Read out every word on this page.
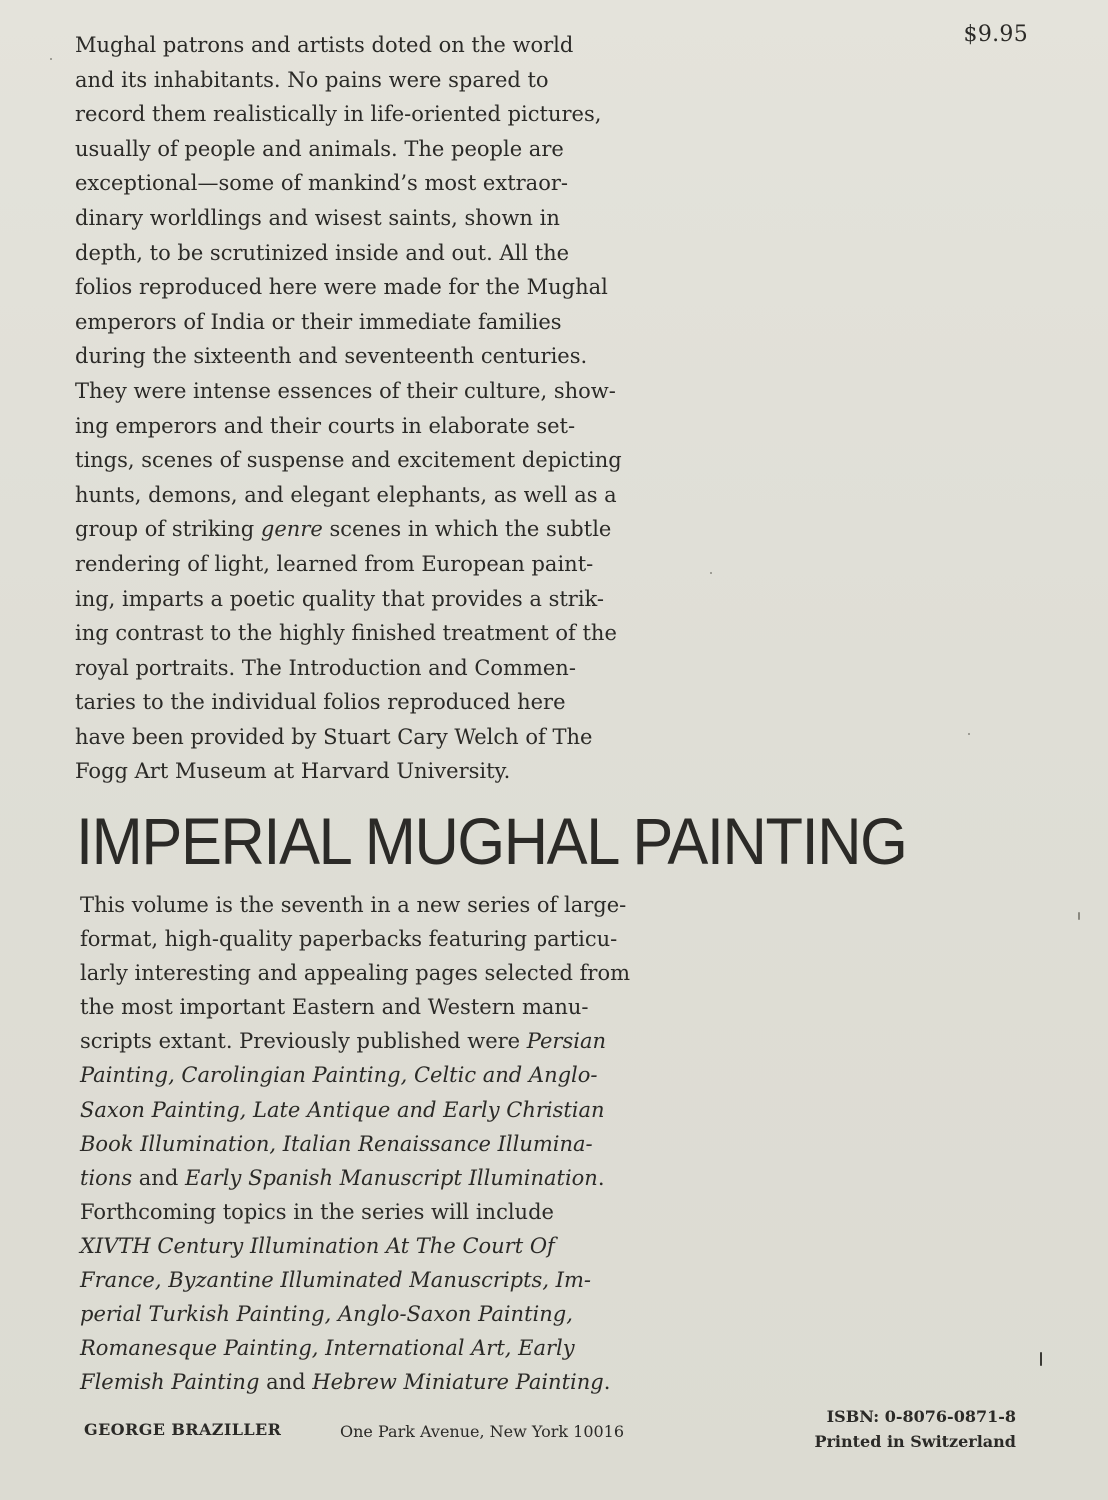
$9.95
Mughal patrons and artists doted on the world
and its inhabitants. No pains were spared to
record them realistically in life-oriented pictures,
usually of people and animals. The people are
exceptional—some of mankind’s most extraor-
dinary worldlings and wisest saints, shown in
depth, to be scrutinized inside and out. All the
folios reproduced here were made for the Mughal
emperors of India or their immediate families
during the sixteenth and seventeenth centuries.
They were intense essences of their culture, show-
ing emperors and their courts in elaborate set-
tings, scenes of suspense and excitement depicting
hunts, demons, and elegant elephants, as well as a
group of striking genre scenes in which the subtle
rendering of light, learned from European paint-
ing, imparts a poetic quality that provides a strik-
ing contrast to the highly finished treatment of the
royal portraits. The Introduction and Commen-
taries to the individual folios reproduced here
have been provided by Stuart Cary Welch of The
Fogg Art Museum at Harvard University.
IMPERIAL MUGHAL PAINTING
This volume is the seventh in a new series of large-
format, high-quality paperbacks featuring particu-
larly interesting and appealing pages selected from
the most important Eastern and Western manu-
scripts extant. Previously published were Persian
Painting, Carolingian Painting, Celtic and Anglo-
Saxon Painting, Late Antique and Early Christian
Book Illumination, Italian Renaissance Illumina-
tions and Early Spanish Manuscript Illumination.
Forthcoming topics in the series will include
XIVTH Century Illumination At The Court Of
France, Byzantine Illuminated Manuscripts, Im-
perial Turkish Painting, Anglo-Saxon Painting,
Romanesque Painting, International Art, Early
Flemish Painting and Hebrew Miniature Painting.
GEORGE BRAZILLER	One Park Avenue, New York 10016
ISBN: 0-8076-0871-8
Printed in Switzerland
